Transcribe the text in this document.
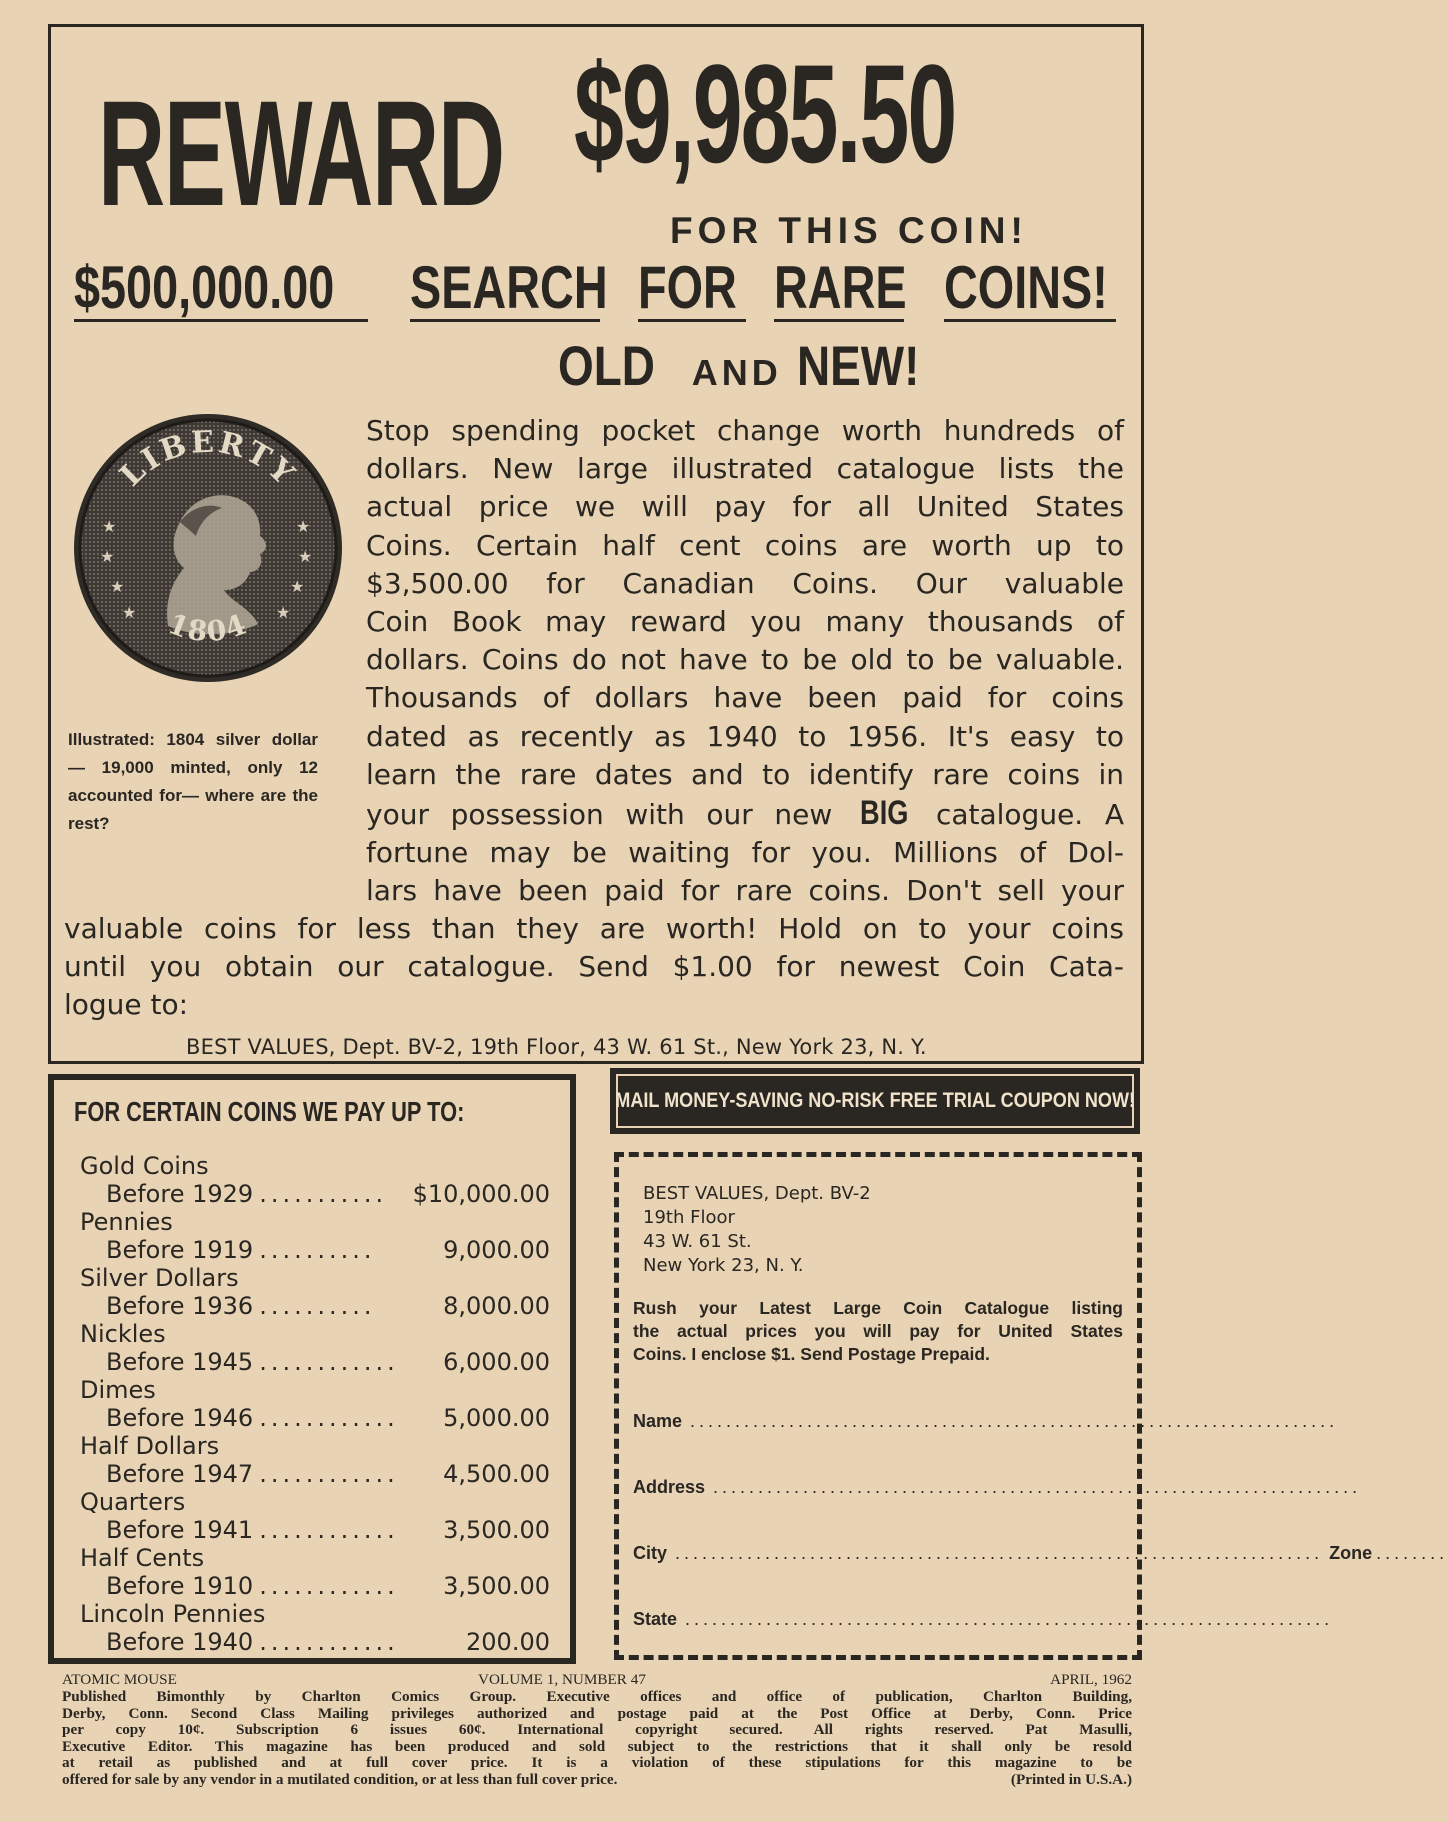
REWARD $9,985.50
FOR THIS COIN!
$500,000.00	SEARCH FOR RARE COINS!
OLD AND NEW!
★
★
★
★
★
★
★
★
LIBERTY
1804
Illustrated: 1804 silver dollar — 19,000 minted, only 12 accounted for— where are the rest?
Stop spending pocket change worth hundreds of
dollars. New large illustrated catalogue lists the
actual price we will pay for all United States
Coins. Certain half cent coins are worth up to
$3,500.00 for Canadian Coins. Our valuable
Coin Book may reward you many thousands of
dollars. Coins do not have to be old to be valuable.
Thousands of dollars have been paid for coins
dated as recently as 1940 to 1956. It's easy to
learn the rare dates and to identify rare coins in
your possession with our new BIG catalogue. A
fortune may be waiting for you. Millions of Dol-
lars have been paid for rare coins. Don't sell your
valuable coins for less than they are worth! Hold on to your coins
until you obtain our catalogue. Send $1.00 for newest Coin Cata-
logue to:
BEST VALUES, Dept. BV-2, 19th Floor, 43 W. 61 St., New York 23, N. Y.
FOR CERTAIN COINS WE PAY UP TO:
Gold Coins
Before 1929 ...........	$10,000.00
Pennies
Before 1919 ..........	9,000.00
Silver Dollars
Before 1936 ..........	8,000.00
Nickles
Before 1945 ............	6,000.00
Dimes
Before 1946 ............	5,000.00
Half Dollars
Before 1947 ............	4,500.00
Quarters
Before 1941 ............	3,500.00
Half Cents
Before 1910 ............	3,500.00
Lincoln Pennies
Before 1940 ............	200.00
MAIL MONEY-SAVING NO-RISK FREE TRIAL COUPON NOW!
BEST VALUES, Dept. BV-2
19th Floor
43 W. 61 St.
New York 23, N. Y.
Rush your Latest Large Coin Catalogue listing
the actual prices you will pay for United States
Coins. I enclose $1. Send Postage Prepaid.
Name ........................................................................
Address ........................................................................
City ........................................................................ Zone ........
State ........................................................................
ATOMIC MOUSE	VOLUME 1, NUMBER 47	APRIL, 1962
Published Bimonthly by Charlton Comics Group. Executive offices and office of publication, Charlton Building,
Derby, Conn. Second Class Mailing privileges authorized and postage paid at the Post Office at Derby, Conn. Price
per copy 10¢. Subscription 6 issues 60¢. International copyright secured. All rights reserved. Pat Masulli,
Executive Editor. This magazine has been produced and sold subject to the restrictions that it shall only be resold
at retail as published and at full cover price. It is a violation of these stipulations for this magazine to be
offered for sale by any vendor in a mutilated condition, or at less than full cover price.	(Printed in U.S.A.)
